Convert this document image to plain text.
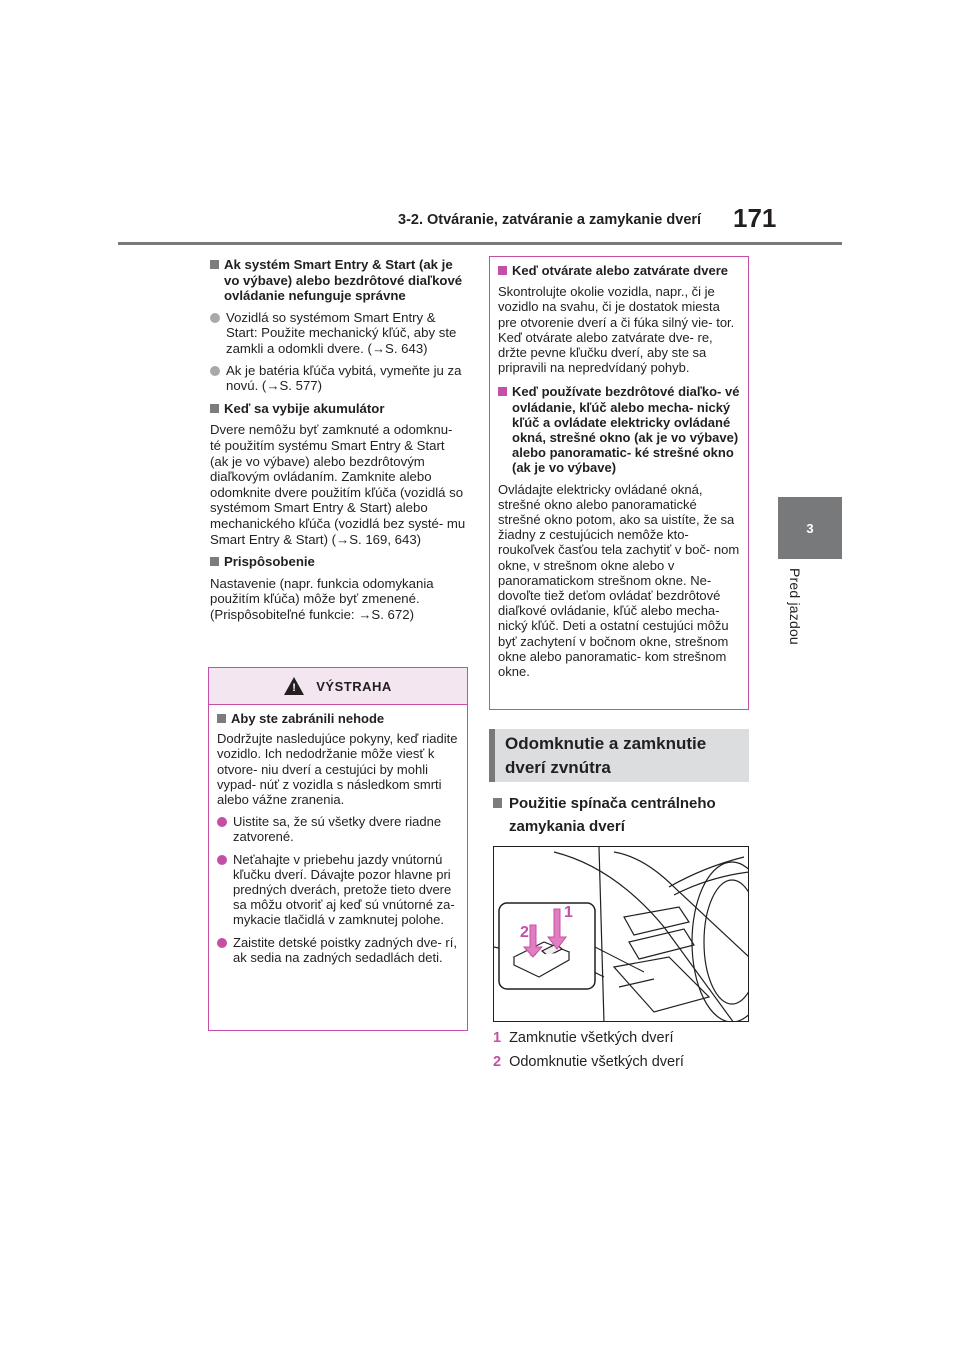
3-2. Otváranie, zatváranie a zamykanie dverí 171
3
Pred jazdou
Ak systém Smart Entry & Start (ak je vo výbave) alebo bezdrôtové diaľkové ovládanie nefunguje správne
Vozidlá so systémom Smart Entry & Start: Použite mechanický kľúč, aby ste zamkli a odomkli dvere. (→S. 643)
Ak je batéria kľúča vybitá, vymeňte ju za novú. (→S. 577)
Keď sa vybije akumulátor

Dvere nemôžu byť zamknuté a odomknu- té použitím systému Smart Entry & Start (ak je vo výbave) alebo bezdrôtovým diaľkovým ovládaním. Zamknite alebo odomknite dvere použitím kľúča (vozidlá so systémom Smart Entry & Start) alebo mechanického kľúča (vozidlá bez systé- mu Smart Entry & Start) (→S. 169, 643)

Prispôsobenie

Nastavenie (napr. funkcia odomykania použitím kľúča) môže byť zmenené. (Prispôsobiteľné funkcie: →S. 672)

! VÝSTRAHA
Aby ste zabránili nehode

Dodržujte nasledujúce pokyny, keď riadite vozidlo. Ich nedodržanie môže viesť k otvore- niu dverí a cestujúci by mohli vypad- núť z vozidla s následkom smrti alebo vážne zranenia.

Uistite sa, že sú všetky dvere riadne zatvorené.
Neťahajte v priebehu jazdy vnútornú kľučku dverí. Dávajte pozor hlavne pri predných dverách, pretože tieto dvere sa môžu otvoriť aj keď sú vnútorné za- mykacie tlačidlá v zamknutej polohe.
Zaistite detské poistky zadných dve- rí, ak sedia na zadných sedadlách deti.
Keď otvárate alebo zatvárate dvere

Skontrolujte okolie vozidla, napr., či je vozidlo na svahu, či je dostatok miesta pre otvorenie dverí a či fúka silný vie- tor. Keď otvárate alebo zatvárate dve- re, držte pevne kľučku dverí, aby ste sa pripravili na nepredvídaný pohyb.

Keď používate bezdrôtové diaľko- vé ovládanie, kľúč alebo mecha- nický kľúč a ovládate elektricky ovládané okná, strešné okno (ak je vo výbave) alebo panoramatic- ké strešné okno (ak je vo výbave)

Ovládajte elektricky ovládané okná, strešné okno alebo panoramatické strešné okno potom, ako sa uistíte, že sa žiadny z cestujúcich nemôže kto- roukoľvek časťou tela zachytiť v boč- nom okne, v strešnom okne alebo v panoramatickom strešnom okne. Ne- dovoľte tiež deťom ovládať bezdrôtové diaľkové ovládanie, kľúč alebo mecha- nický kľúč. Deti a ostatní cestujúci môžu byť zachytení v bočnom okne, strešnom okne alebo panoramatic- kom strešnom okne.

Odomknutie a zamknutie dverí zvnútra
Použitie spínača centrálneho zamykania dverí
1
2
1 Zamknutie všetkých dverí
2 Odomknutie všetkých dverí
